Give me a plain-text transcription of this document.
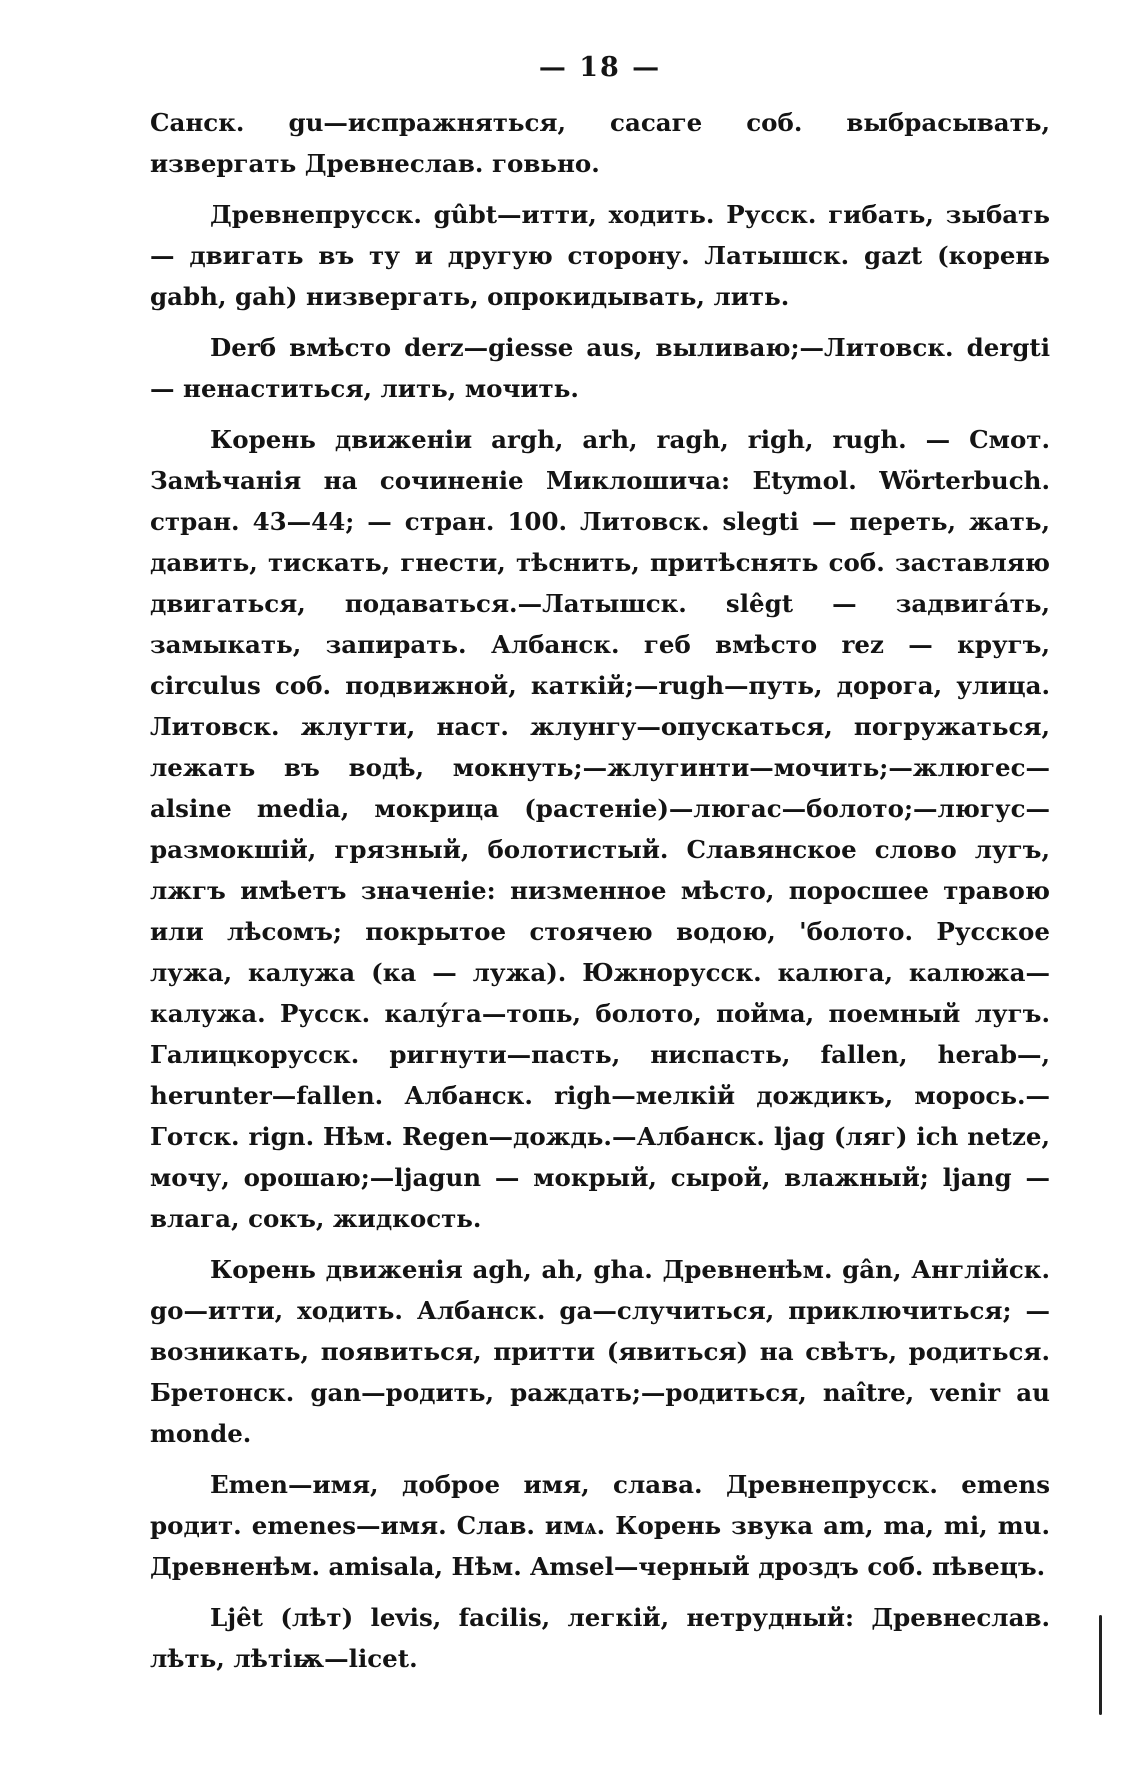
— 18 —

Санск. gu—испражняться, сасаге соб. выбрасывать, извергать Древнеслав. говьно.

Древнепрусск. gûbt—итти, ходить. Русск. гибать, зыбать— двигать въ ту и другую сторону. Латышск. gazt (корень gabh, gah) низвергать, опрокидывать, лить.

Derб вмѣсто derz—giesse aus, выливаю;—Литовск. dergti— ненаститься, лить, мочить.

Корень движеніи argh, arh, ragh, righ, rugh. — Смот. Замѣчанія на сочиненіе Миклошича: Etymol. Wörterbuch. стран. 43—44; — стран. 100. Литовск. slegti — переть, жать, давить, тискать, гнести, тѣснить, притѣснять соб. заставляю двигаться, подаваться.—Латышск. slêgt — задвига́ть, замыкать, запирать. Албанск. гeб вмѣсто rez — кругъ, circulus соб. подвижной, каткій;—rugh—путь, дорога, улица. Литовск. жлугти, наст. жлунгу—опускаться, погружаться, лежать въ водѣ, мокнуть;—жлугинти—мочить;—жлюгес—alsine media, мокрица (растеніе)—люгас—болото;—люгус—размокшій, грязный, болотистый. Славянское слово лугъ, лжгъ имѣетъ значеніе: низменное мѣсто, поросшее травою или лѣсомъ; покрытое стоячею водою, 'болото. Русское лужа, калужа (ка — лужа). Южнорусск. калюга, калюжа—калужа. Русск. калу́га—топь, болото, пойма, поемный лугъ. Галицкорусск. ригнути—пасть, ниспасть, fallen, herab—, herunter—fallen. Албанск. righ—мелкій дождикъ, морось.—Готск. rign. Нѣм. Regen—дождь.—Албанск. ljag (ляг) ich netze, мочу, орошаю;—ljagun — мокрый, сырой, влажный; ljang — влага, сокъ, жидкость.

Корень движенія agh, ah, gha. Древненѣм. gân, Англійск. go—итти, ходить. Албанск. ga—случиться, приключиться; — возникать, появиться, притти (явиться) на свѣтъ, родиться. Бретонск. gan—родить, раждать;—родиться, naître, venir au monde.

Emen—имя, доброе имя, слава. Древнепрусск. emens родит. emenes—имя. Слав. имѧ. Корень звука am, ma, mi, mu. Древненѣм. amisala, Нѣм. Amsel—черный дроздъ соб. пѣвецъ.

Ljêt (лѣт) levis, facilis, легкій, нетрудный: Древнеслав. лѣть, лѣтіѭ—licet.
